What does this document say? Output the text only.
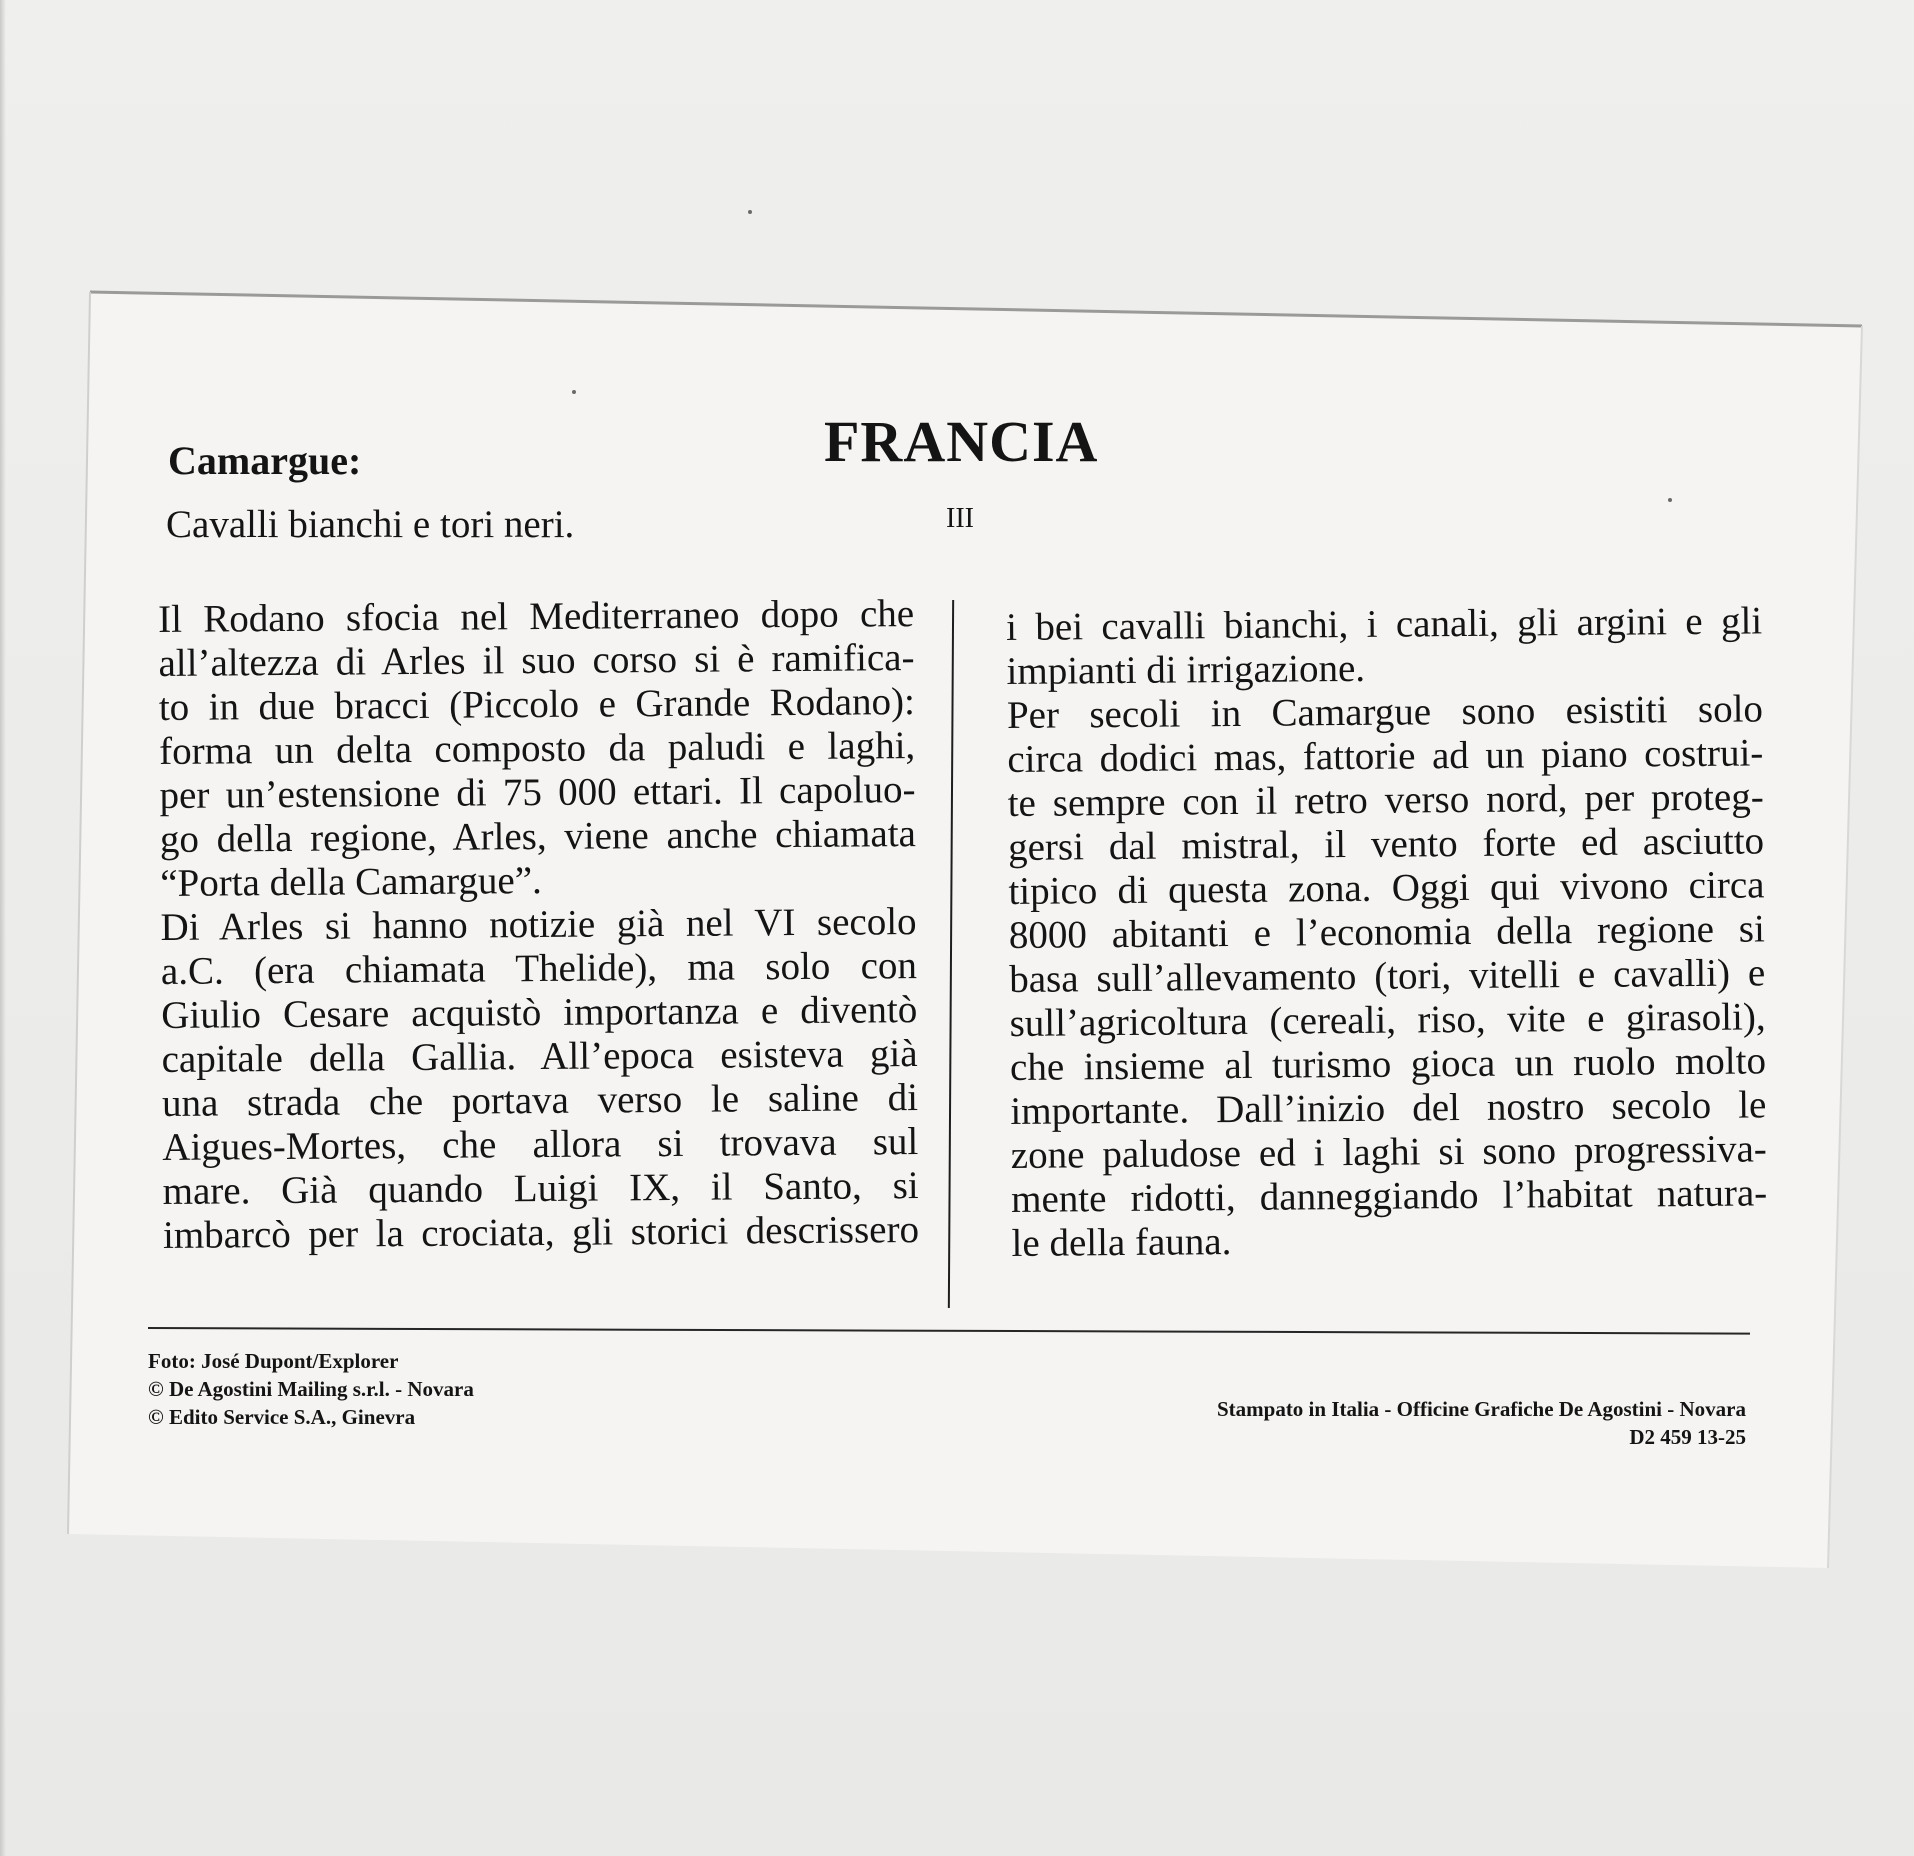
FRANCIA
III
Camargue:
Cavalli bianchi e tori neri.
Il Rodano sfocia nel Mediterraneo dopo che
all’altezza di Arles il suo corso si è ramifica-
to in due bracci (Piccolo e Grande Rodano):
forma un delta composto da paludi e laghi,
per un’estensione di 75 000 ettari. Il capoluo-
go della regione, Arles, viene anche chiamata
“Porta della Camargue”.
Di Arles si hanno notizie già nel VI secolo
a.C. (era chiamata Thelide), ma solo con
Giulio Cesare acquistò importanza e diventò
capitale della Gallia. All’epoca esisteva già
una strada che portava verso le saline di
Aigues-Mortes, che allora si trovava sul
mare. Già quando Luigi IX, il Santo, si
imbarcò per la crociata, gli storici descrissero
i bei cavalli bianchi, i canali, gli argini e gli
impianti di irrigazione.
Per secoli in Camargue sono esistiti solo
circa dodici mas, fattorie ad un piano costrui-
te sempre con il retro verso nord, per proteg-
gersi dal mistral, il vento forte ed asciutto
tipico di questa zona. Oggi qui vivono circa
8000 abitanti e l’economia della regione si
basa sull’allevamento (tori, vitelli e cavalli) e
sull’agricoltura (cereali, riso, vite e girasoli),
che insieme al turismo gioca un ruolo molto
importante. Dall’inizio del nostro secolo le
zone paludose ed i laghi si sono progressiva-
mente ridotti, danneggiando l’habitat natura-
le della fauna.
Foto: José Dupont/Explorer
© De Agostini Mailing s.r.l. - Novara
© Edito Service S.A., Ginevra	Stampato in Italia - Officine Grafiche De Agostini - Novara
D2 459 13-25
